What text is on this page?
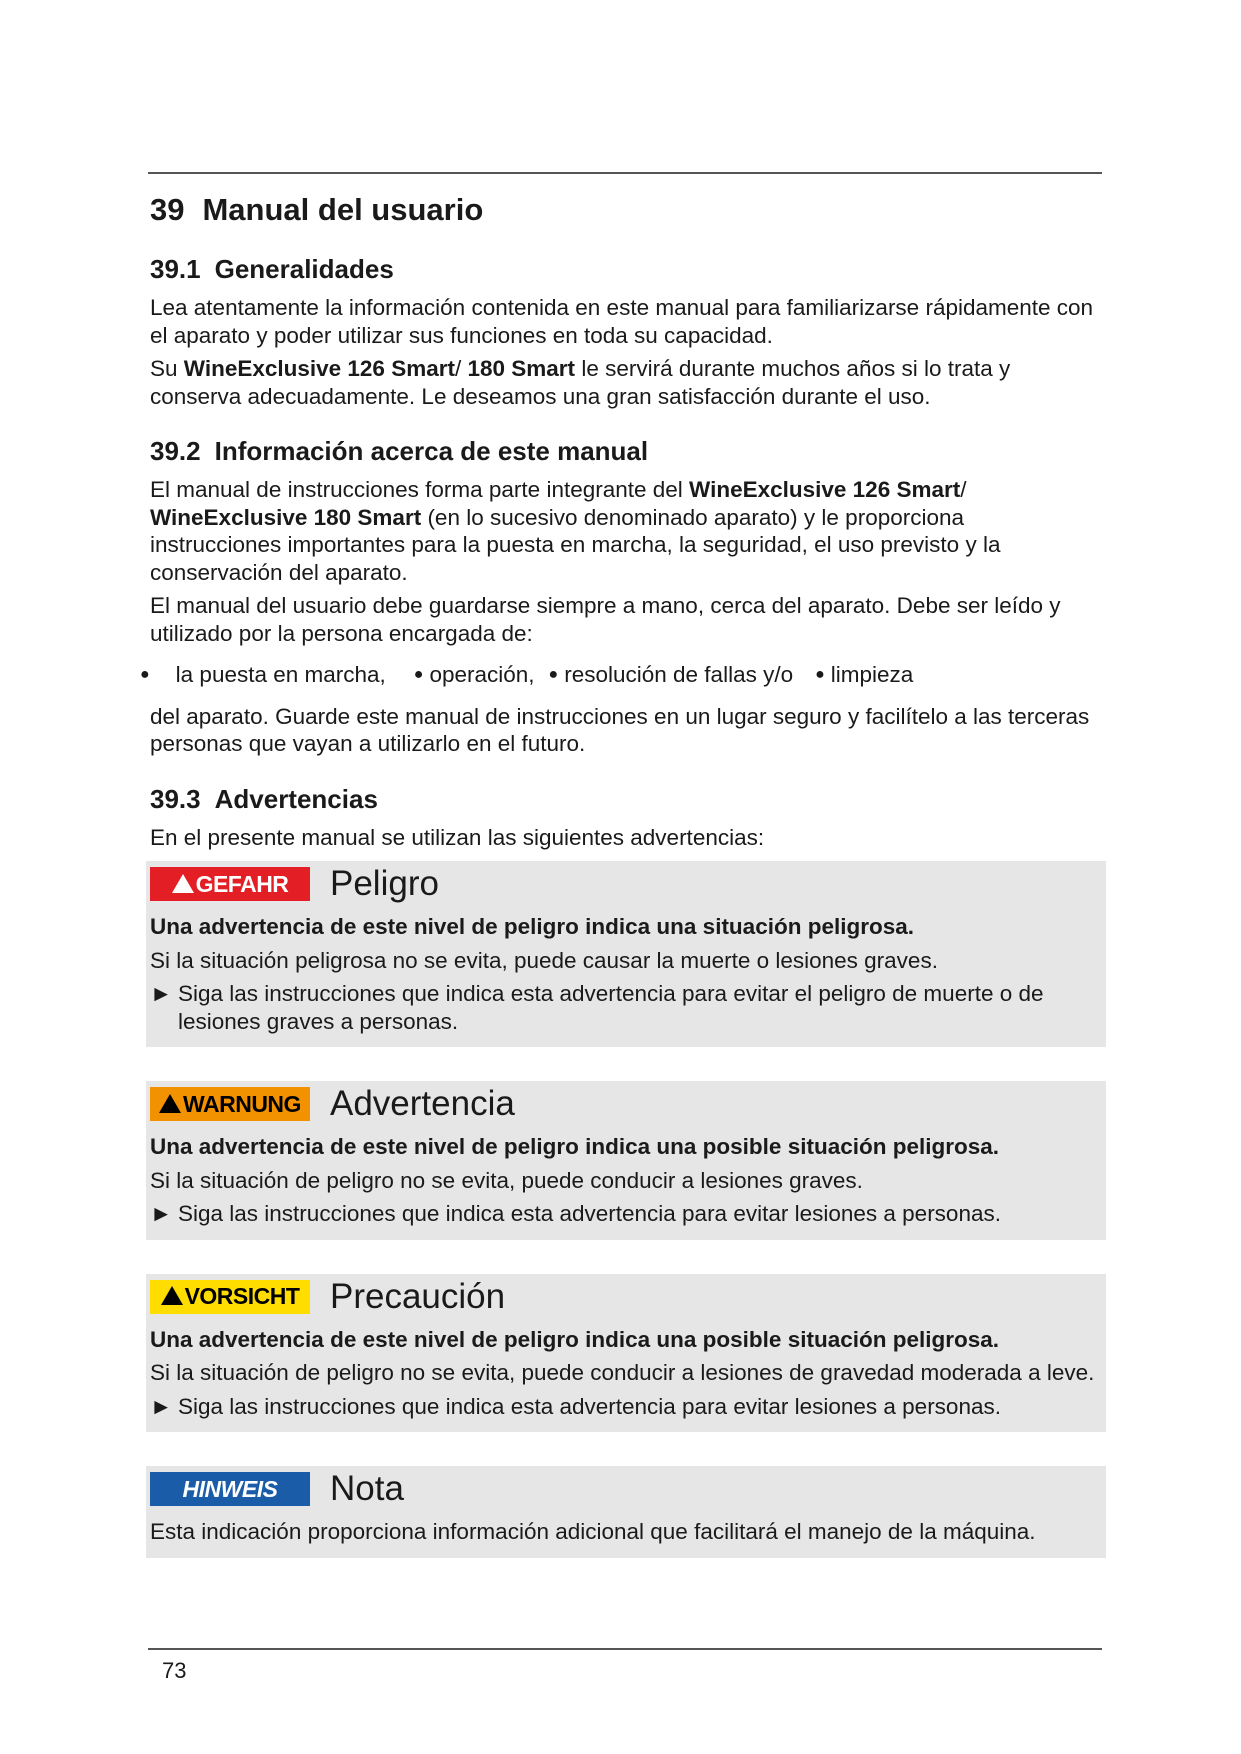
39 Manual del usuario
39.1 Generalidades

Lea atentamente la información contenida en este manual para familiarizarse rápidamente con el aparato y poder utilizar sus funciones en toda su capacidad.

Su WineExclusive 126 Smart/ 180 Smart le servirá durante muchos años si lo trata y conserva adecuadamente. Le deseamos una gran satisfacción durante el uso.

39.2 Información acerca de este manual

El manual de instrucciones forma parte integrante del WineExclusive 126 Smart/ WineExclusive 180 Smart (en lo sucesivo denominado aparato) y le proporciona instrucciones importantes para la puesta en marcha, la seguridad, el uso previsto y la conservación del aparato.

El manual del usuario debe guardarse siempre a mano, cerca del aparato. Debe ser leído y utilizado por la persona encargada de:

● la puesta en marcha, ● operación, ● resolución de fallas y/o ● limpieza

del aparato. Guarde este manual de instrucciones en un lugar seguro y facilítelo a las terceras personas que vayan a utilizarlo en el futuro.

39.3 Advertencias

En el presente manual se utilizan las siguientes advertencias:

GEFAHR Peligro

Una advertencia de este nivel de peligro indica una situación peligrosa.

Si la situación peligrosa no se evita, puede causar la muerte o lesiones graves.

► Siga las instrucciones que indica esta advertencia para evitar el peligro de muerte o de lesiones graves a personas.

WARNUNG Advertencia

Una advertencia de este nivel de peligro indica una posible situación peligrosa.

Si la situación de peligro no se evita, puede conducir a lesiones graves.

► Siga las instrucciones que indica esta advertencia para evitar lesiones a personas.

VORSICHT Precaución

Una advertencia de este nivel de peligro indica una posible situación peligrosa.

Si la situación de peligro no se evita, puede conducir a lesiones de gravedad moderada a leve.

► Siga las instrucciones que indica esta advertencia para evitar lesiones a personas.

HINWEIS Nota

Esta indicación proporciona información adicional que facilitará el manejo de la máquina.

73
